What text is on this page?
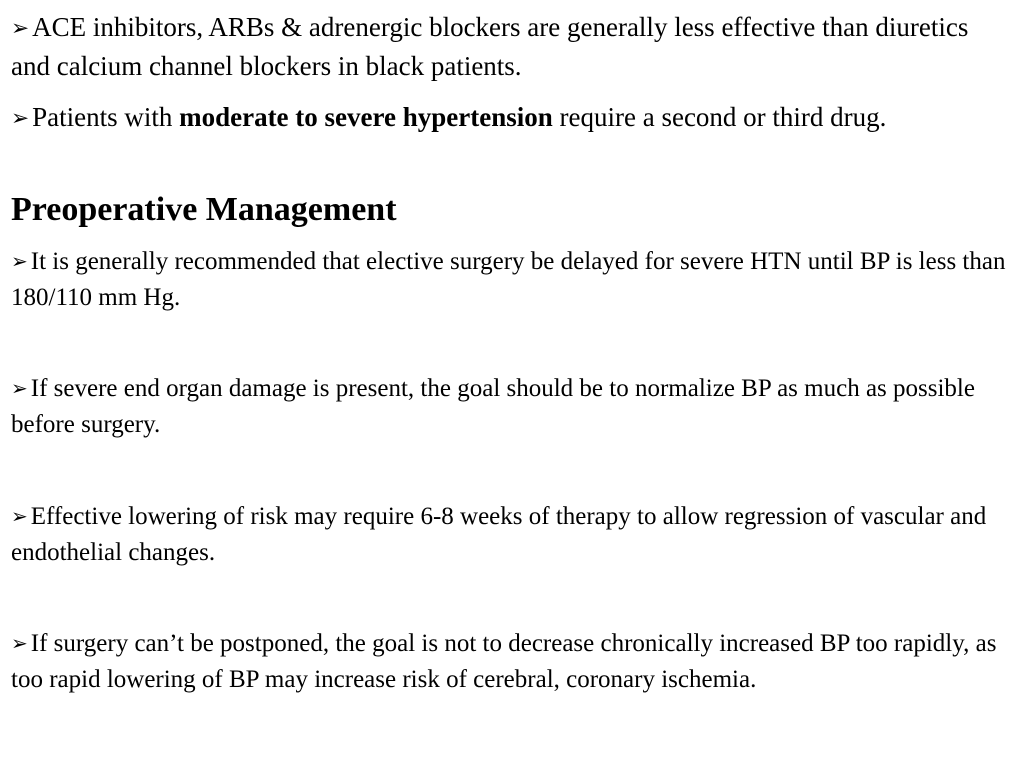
➢ ACE inhibitors, ARBs & adrenergic blockers are generally less effective than diuretics and calcium channel blockers in black patients.

➢ Patients with moderate to severe hypertension require a second or third drug.

Preoperative Management

➢ It is generally recommended that elective surgery be delayed for severe HTN until BP is less than 180/110 mm Hg.

➢ If severe end organ damage is present, the goal should be to normalize BP as much as possible before surgery.

➢ Effective lowering of risk may require 6-8 weeks of therapy to allow regression of vascular and endothelial changes.

➢ If surgery can’t be postponed, the goal is not to decrease chronically increased BP too rapidly, as too rapid lowering of BP may increase risk of cerebral, coronary ischemia.
